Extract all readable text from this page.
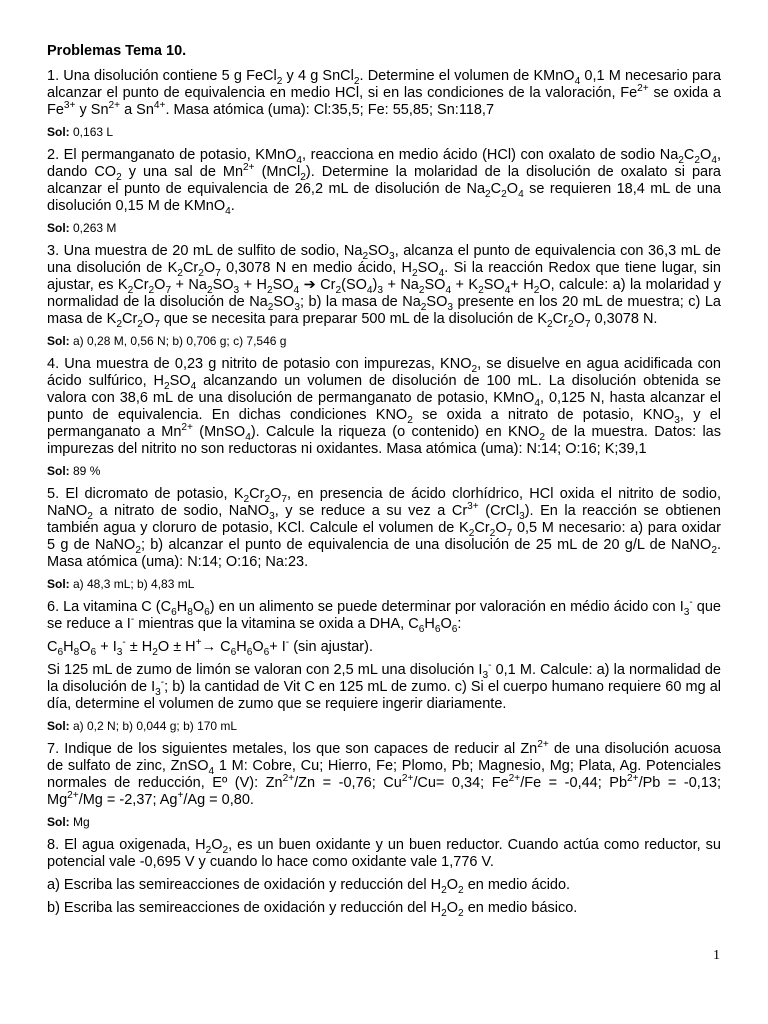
Problemas Tema 10.
1. Una disolución contiene 5 g FeCl$_2$ y 4 g SnCl$_2$. Determine el volumen de KMnO$_4$ 0,1 M necesario para alcanzar el punto de equivalencia en medio HCl, si en las condiciones de la valoración, $Fe^{2+}$ se oxida a $Fe^{3+}$ y $Sn^{2+}$ a $Sn^{4+}$. Masa atómica (uma): Cl:35,5; Fe: 55,85; Sn:118,7
Sol: 0,163 L
2. El permanganato de potasio, KMnO$_4$, reacciona en medio ácido (HCl) con oxalato de sodio $Na_2C_2O_4$, dando $CO_2$ y una sal de $Mn^{2+}$ (MnCl$_2$). Determine la molaridad de la disolución de oxalato si para alcanzar el punto de equivalencia de 26,2 mL de disolución de $Na_2C_2O_4$ se requieren 18,4 mL de una disolución 0,15 M de KMnO$_4$.
Sol: 0,263 M
3. Una muestra de 20 mL de sulfito de sodio, $Na_2SO_3$, alcanza el punto de equivalencia con 36,3 mL de una disolución de $K_2Cr_2O_7$ 0,3078 N en medio ácido, $H_2SO_4$. Si la reacción Redox que tiene lugar, sin ajustar, es $K_2Cr_2O_7 + Na_2SO_3 + H_2SO_4$ ➔ $Cr_2(SO_4)_3 + Na_2SO_4 + K_2SO_4+ H_2O$, calcule: a) la molaridad y normalidad de la disolución de $Na_2SO_3$; b) la masa de $Na_2SO_3$ presente en los 20 mL de muestra; c) La masa de $K_2Cr_2O_7$ que se necesita para preparar 500 mL de la disolución de $K_2Cr_2O_7$ 0,3078 N.
Sol: a) 0,28 M, 0,56 N; b) 0,706 g; c) 7,546 g
4. Una muestra de 0,23 g nitrito de potasio con impurezas, $KNO_2$, se disuelve en agua acidificada con ácido sulfúrico, $H_2SO_4$ alcanzando un volumen de disolución de 100 mL. La disolución obtenida se valora con 38,6 mL de una disolución de permanganato de potasio, KMnO$_4$, 0,125 N, hasta alcanzar el punto de equivalencia. En dichas condiciones $KNO_2$ se oxida a nitrato de potasio, $KNO_3$, y el permanganato a $Mn^{2+}$ (MnSO$_4$). Calcule la riqueza (o contenido) en $KNO_2$ de la muestra. Datos: las impurezas del nitrito no son reductoras ni oxidantes. Masa atómica (uma): N:14; O:16; K;39,1
Sol: 89 %
5. El dicromato de potasio, $K_2Cr_2O_7$, en presencia de ácido clorhídrico, HCl oxida el nitrito de sodio, NaNO$_2$ a nitrato de sodio, NaNO$_3$, y se reduce a su vez a $Cr^{3+}$ (CrCl$_3$). En la reacción se obtienen también agua y cloruro de potasio, KCl. Calcule el volumen de $K_2Cr_2O_7$ 0,5 M necesario: a) para oxidar 5 g de NaNO$_2$; b) alcanzar el punto de equivalencia de una disolución de 25 mL de 20 g/L de NaNO$_2$. Masa atómica (uma): N:14; O:16; Na:23.
Sol: a) 48,3 mL; b) 4,83 mL
6. La vitamina C $(C_6H_8O_6)$ en un alimento se puede determinar por valoración en médio ácido con $I_3^-$ que se reduce a I- mientras que la vitamina se oxida a DHA, $C_6H_6O_6$:
$C_6H_8O_6 + I_3^- \pm H_2O \pm H^+\to C_6H_6O_6+ I^-$ (sin ajustar).
Si 125 mL de zumo de limón se valoran con 2,5 mL una disolución $I_3^-$ 0,1 M. Calcule: a) la normalidad de la disolución de $I_3^-$; b) la cantidad de Vit C en 125 mL de zumo. c) Si el cuerpo humano requiere 60 mg al día, determine el volumen de zumo que se requiere ingerir diariamente.
Sol: a) 0,2 N; b) 0,044 g; b) 170 mL
7. Indique de los siguientes metales, los que son capaces de reducir al $Zn^{2+}$ de una disolución acuosa de sulfato de zinc, ZnSO$_4$ 1 M: Cobre, Cu; Hierro, Fe; Plomo, Pb; Magnesio, Mg; Plata, Ag. Potenciales normales de reducción, Eº (V): $Zn^{2+}/Zn = -0,76$; $Cu^{2+}/Cu= 0,34$; $Fe^{2+}/Fe = -0,44$; $Pb^{2+}/Pb = -0,13$; $Mg^{2+}/Mg = -2,37$; Ag+/Ag = 0,80.
Sol: Mg
8. El agua oxigenada, $H_2O_2$, es un buen oxidante y un buen reductor. Cuando actúa como reductor, su potencial vale -0,695 V y cuando lo hace como oxidante vale 1,776 V.
a) Escriba las semireacciones de oxidación y reducción del $H_2O_2$ en medio ácido.
b) Escriba las semireacciones de oxidación y reducción del $H_2O_2$ en medio básico.
1
